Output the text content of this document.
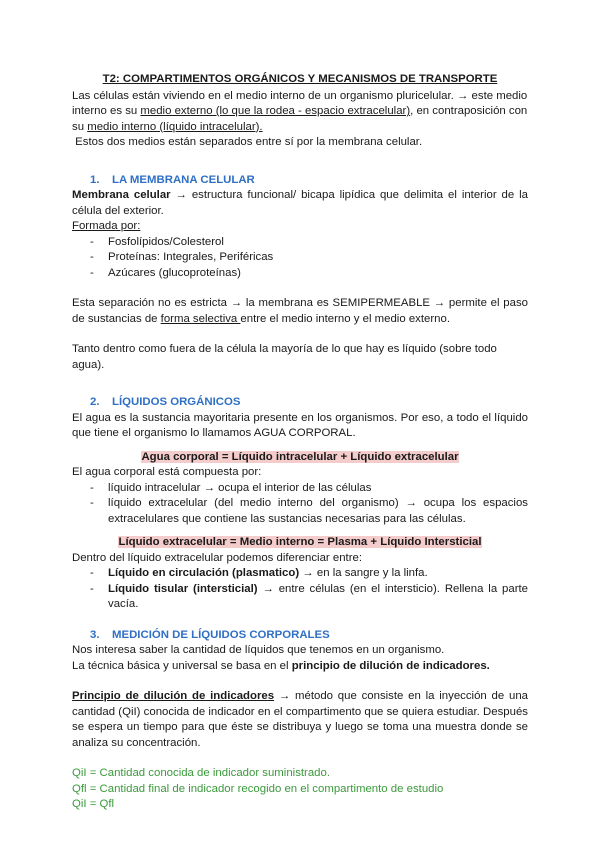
T2: COMPARTIMENTOS ORGÁNICOS Y MECANISMOS DE TRANSPORTE

Las células están viviendo en el medio interno de un organismo pluricelular. → este medio
interno es su medio externo (lo que la rodea - espacio extracelular), en contraposición con
su medio interno (líquido intracelular).
Estos dos medios están separados entre sí por la membrana celular.

1. LA MEMBRANA CELULAR

Membrana celular → estructura funcional/ bicapa lipídica que delimita el interior de la célula del exterior.

Formada por:

- Fosfolípidos/Colesterol
- Proteínas: Integrales, Periféricas
- Azúcares (glucoproteínas)

Esta separación no es estricta → la membrana es SEMIPERMEABLE → permite el paso de sustancias de forma selectiva entre el medio interno y el medio externo.

Tanto dentro como fuera de la célula la mayoría de lo que hay es líquido (sobre todo agua).

2. LÍQUIDOS ORGÁNICOS

El agua es la sustancia mayoritaria presente en los organismos. Por eso, a todo el líquido que tiene el organismo lo llamamos AGUA CORPORAL.

Agua corporal = Líquido intracelular + Líquido extracelular

El agua corporal está compuesta por:

- líquido intracelular → ocupa el interior de las células
- líquido extracelular (del medio interno del organismo) → ocupa los espacios extracelulares que contiene las sustancias necesarias para las células.

Líquido extracelular = Medio interno = Plasma + Líquido Intersticial

Dentro del líquido extracelular podemos diferenciar entre:

- Líquido en circulación (plasmatico) → en la sangre y la linfa.
- Líquido tisular (intersticial) → entre células (en el intersticio). Rellena la parte vacía.

3. MEDICIÓN DE LÍQUIDOS CORPORALES

Nos interesa saber la cantidad de líquidos que tenemos en un organismo.

La técnica básica y universal se basa en el principio de dilución de indicadores.

Principio de dilución de indicadores → método que consiste en la inyección de una cantidad (QiI) conocida de indicador en el compartimento que se quiera estudiar. Después se espera un tiempo para que éste se distribuya y luego se toma una muestra donde se analiza su concentración.

QiI = Cantidad conocida de indicador suministrado.

Qfl = Cantidad final de indicador recogido en el compartimento de estudio

QiI = Qfl
